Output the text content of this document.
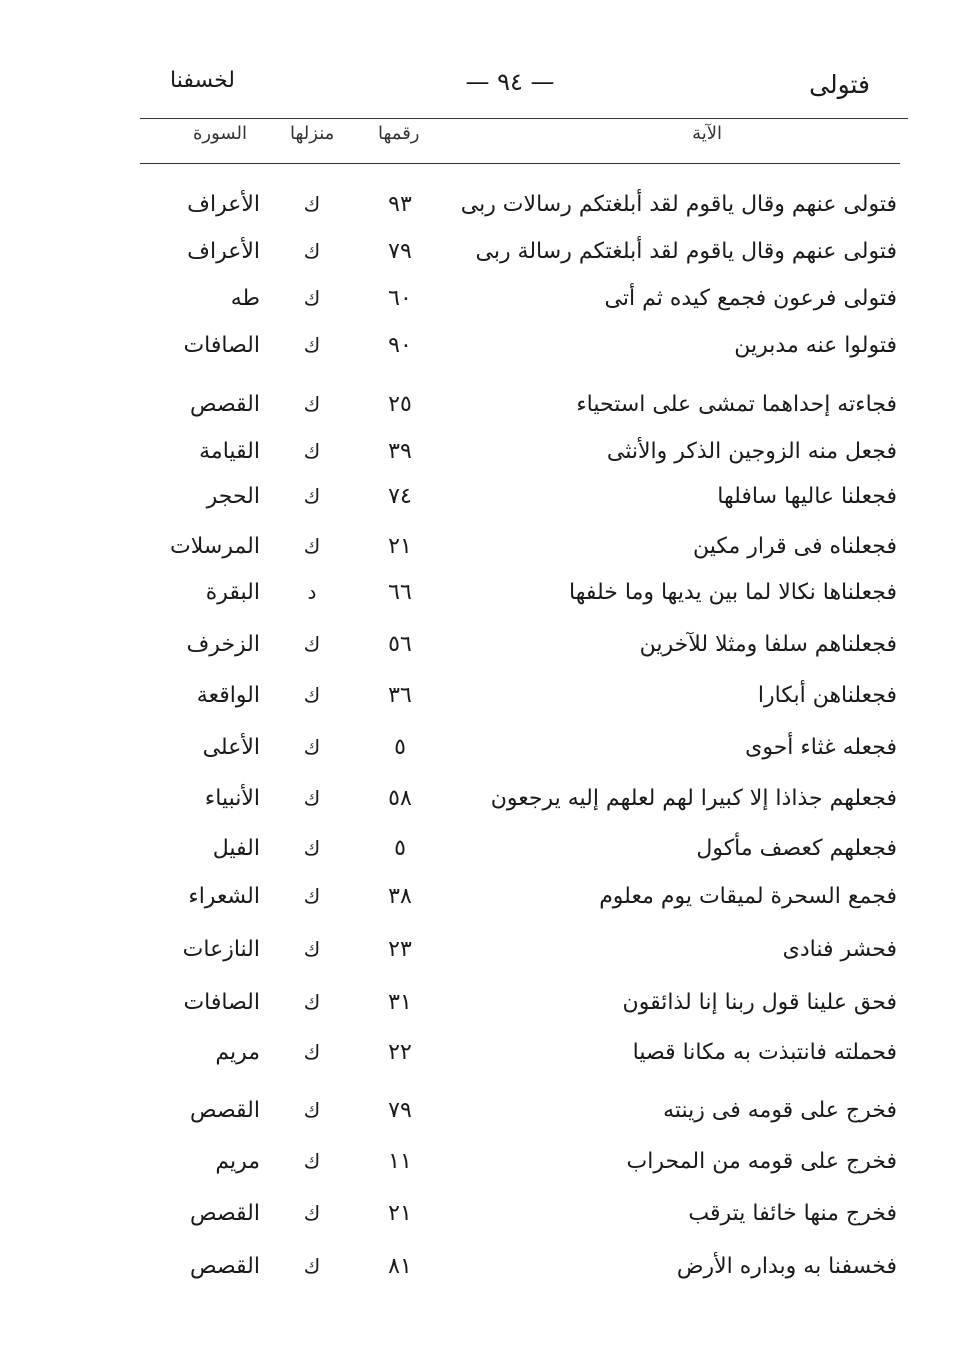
فتولى
— ٩٤ —
لخسفنا
الآية
رقمها
منزلها
السورة
فتولى عنهم وقال ياقوم لقد أبلغتكم رسالات ربى
٩٣
ك
الأعراف
فتولى عنهم وقال ياقوم لقد أبلغتكم رسالة ربى
٧٩
ك
الأعراف
فتولى فرعون فجمع كيده ثم أتى
٦٠
ك
طه
فتولوا عنه مدبرين
٩٠
ك
الصافات
فجاءته إحداهما تمشى على استحياء
٢٥
ك
القصص
فجعل منه الزوجين الذكر والأنثى
٣٩
ك
القيامة
فجعلنا عاليها سافلها
٧٤
ك
الحجر
فجعلناه فى قرار مكين
٢١
ك
المرسلات
فجعلناها نكالا لما بين يديها وما خلفها
٦٦
د
البقرة
فجعلناهم سلفا ومثلا للآخرين
٥٦
ك
الزخرف
فجعلناهن أبكارا
٣٦
ك
الواقعة
فجعله غثاء أحوى
٥
ك
الأعلى
فجعلهم جذاذا إلا كبيرا لهم لعلهم إليه يرجعون
٥٨
ك
الأنبياء
فجعلهم كعصف مأكول
٥
ك
الفيل
فجمع السحرة لميقات يوم معلوم
٣٨
ك
الشعراء
فحشر فنادى
٢٣
ك
النازعات
فحق علينا قول ربنا إنا لذائقون
٣١
ك
الصافات
فحملته فانتبذت به مكانا قصيا
٢٢
ك
مريم
فخرج على قومه فى زينته
٧٩
ك
القصص
فخرج على قومه من المحراب
١١
ك
مريم
فخرج منها خائفا يترقب
٢١
ك
القصص
فخسفنا به وبداره الأرض
٨١
ك
القصص
